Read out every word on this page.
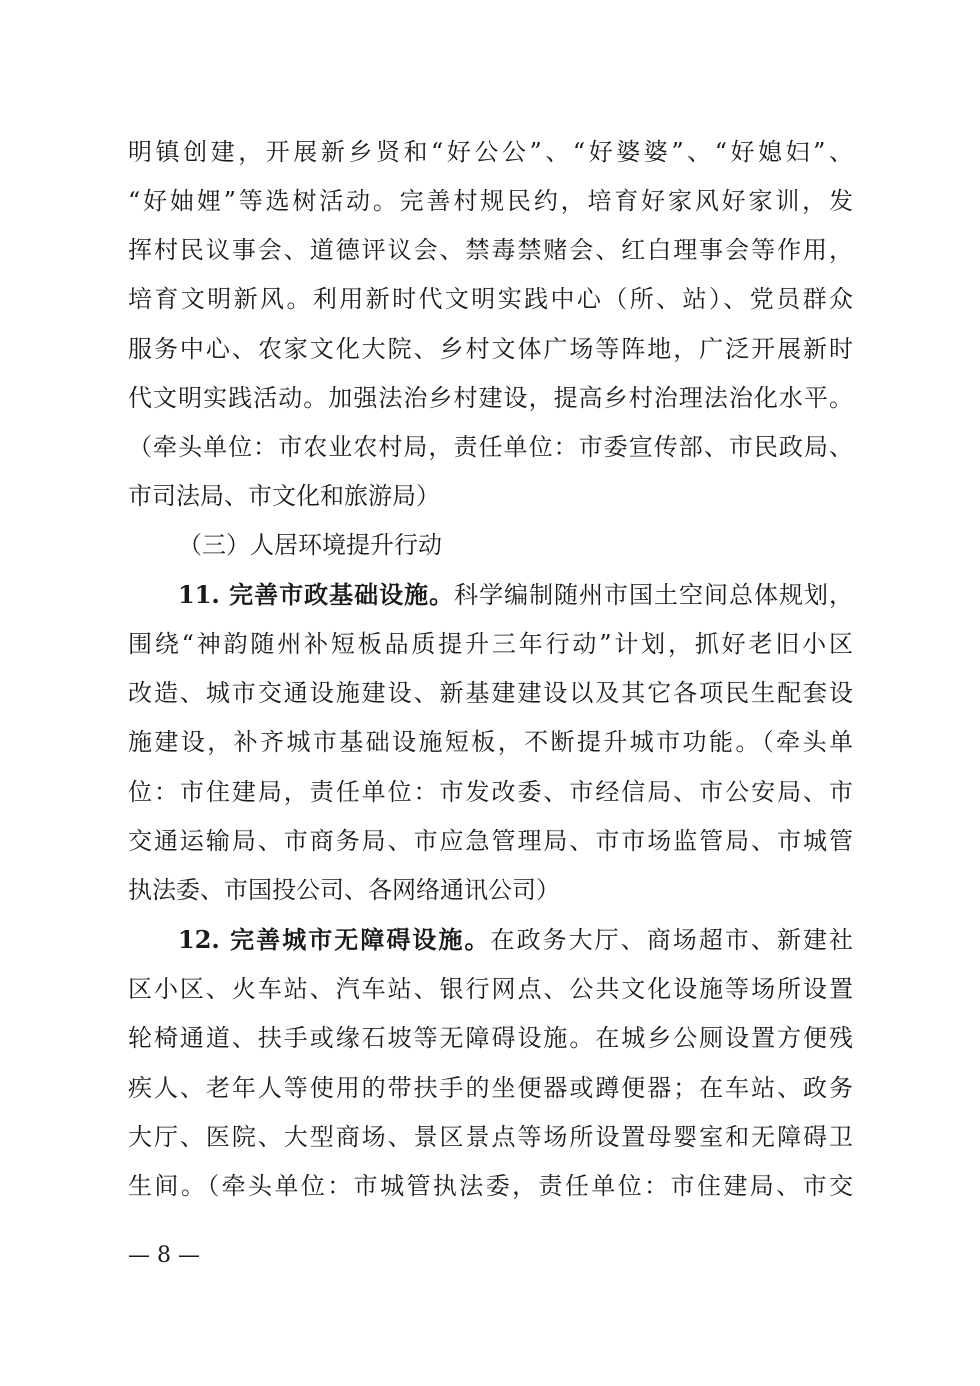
明镇创建，开展新乡贤和“好公公”、“好婆婆”、“好媳妇”、
“好妯娌”等选树活动。完善村规民约，培育好家风好家训，发
挥村民议事会、道德评议会、禁毒禁赌会、红白理事会等作用，
培育文明新风。利用新时代文明实践中心（所、站）、党员群众
服务中心、农家文化大院、乡村文体广场等阵地，广泛开展新时
代文明实践活动。加强法治乡村建设，提高乡村治理法治化水平。
（牵头单位：市农业农村局，责任单位：市委宣传部、市民政局、
市司法局、市文化和旅游局）
（三）人居环境提升行动
11. 完善市政基础设施。科学编制随州市国土空间总体规划，
围绕“神韵随州补短板品质提升三年行动”计划，抓好老旧小区
改造、城市交通设施建设、新基建建设以及其它各项民生配套设
施建设，补齐城市基础设施短板，不断提升城市功能。（牵头单
位：市住建局，责任单位：市发改委、市经信局、市公安局、市
交通运输局、市商务局、市应急管理局、市市场监管局、市城管
执法委、市国投公司、各网络通讯公司）
12. 完善城市无障碍设施。在政务大厅、商场超市、新建社
区小区、火车站、汽车站、银行网点、公共文化设施等场所设置
轮椅通道、扶手或缘石坡等无障碍设施。在城乡公厕设置方便残
疾人、老年人等使用的带扶手的坐便器或蹲便器；在车站、政务
大厅、医院、大型商场、景区景点等场所设置母婴室和无障碍卫
生间。（牵头单位：市城管执法委，责任单位：市住建局、市交
— 8 —
